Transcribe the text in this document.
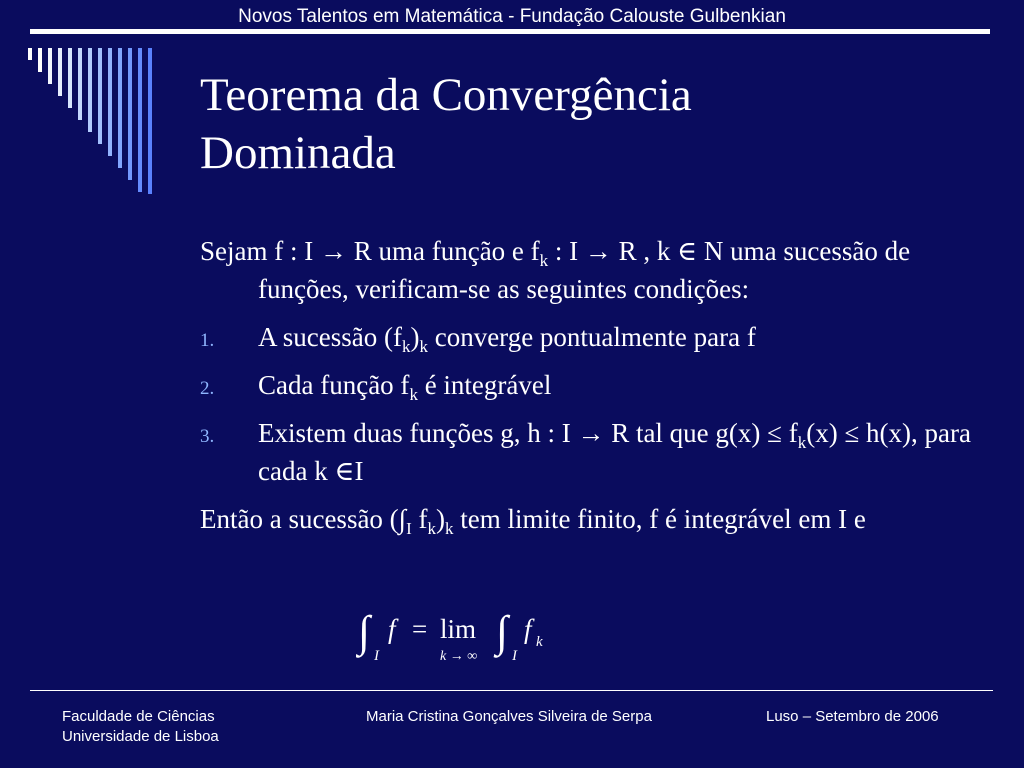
Novos Talentos em Matemática - Fundação Calouste Gulbenkian
Teorema da Convergência
Dominada

Sejam f : I → R uma função e $f_k$ : I → R , k ∈ N uma sucessão de funções, verificam-se as seguintes condições:

1. A sucessão $(f_k)_k$ converge pontualmente para f
2. Cada função $f_k$ é integrável
3. Existem duas funções g, h : I → R tal que $g(x) \le f_k(x) \le h(x)$, para cada k ∈I

Então a sucessão ($\int_I$ $f_k)_k$ tem limite finito, f é integrável em I e

∫ I
f = lim
k → ∞
∫ I
f k
Faculdade de Ciências
Universidade de Lisboa
Maria Cristina Gonçalves Silveira de Serpa	Luso – Setembro de 2006
